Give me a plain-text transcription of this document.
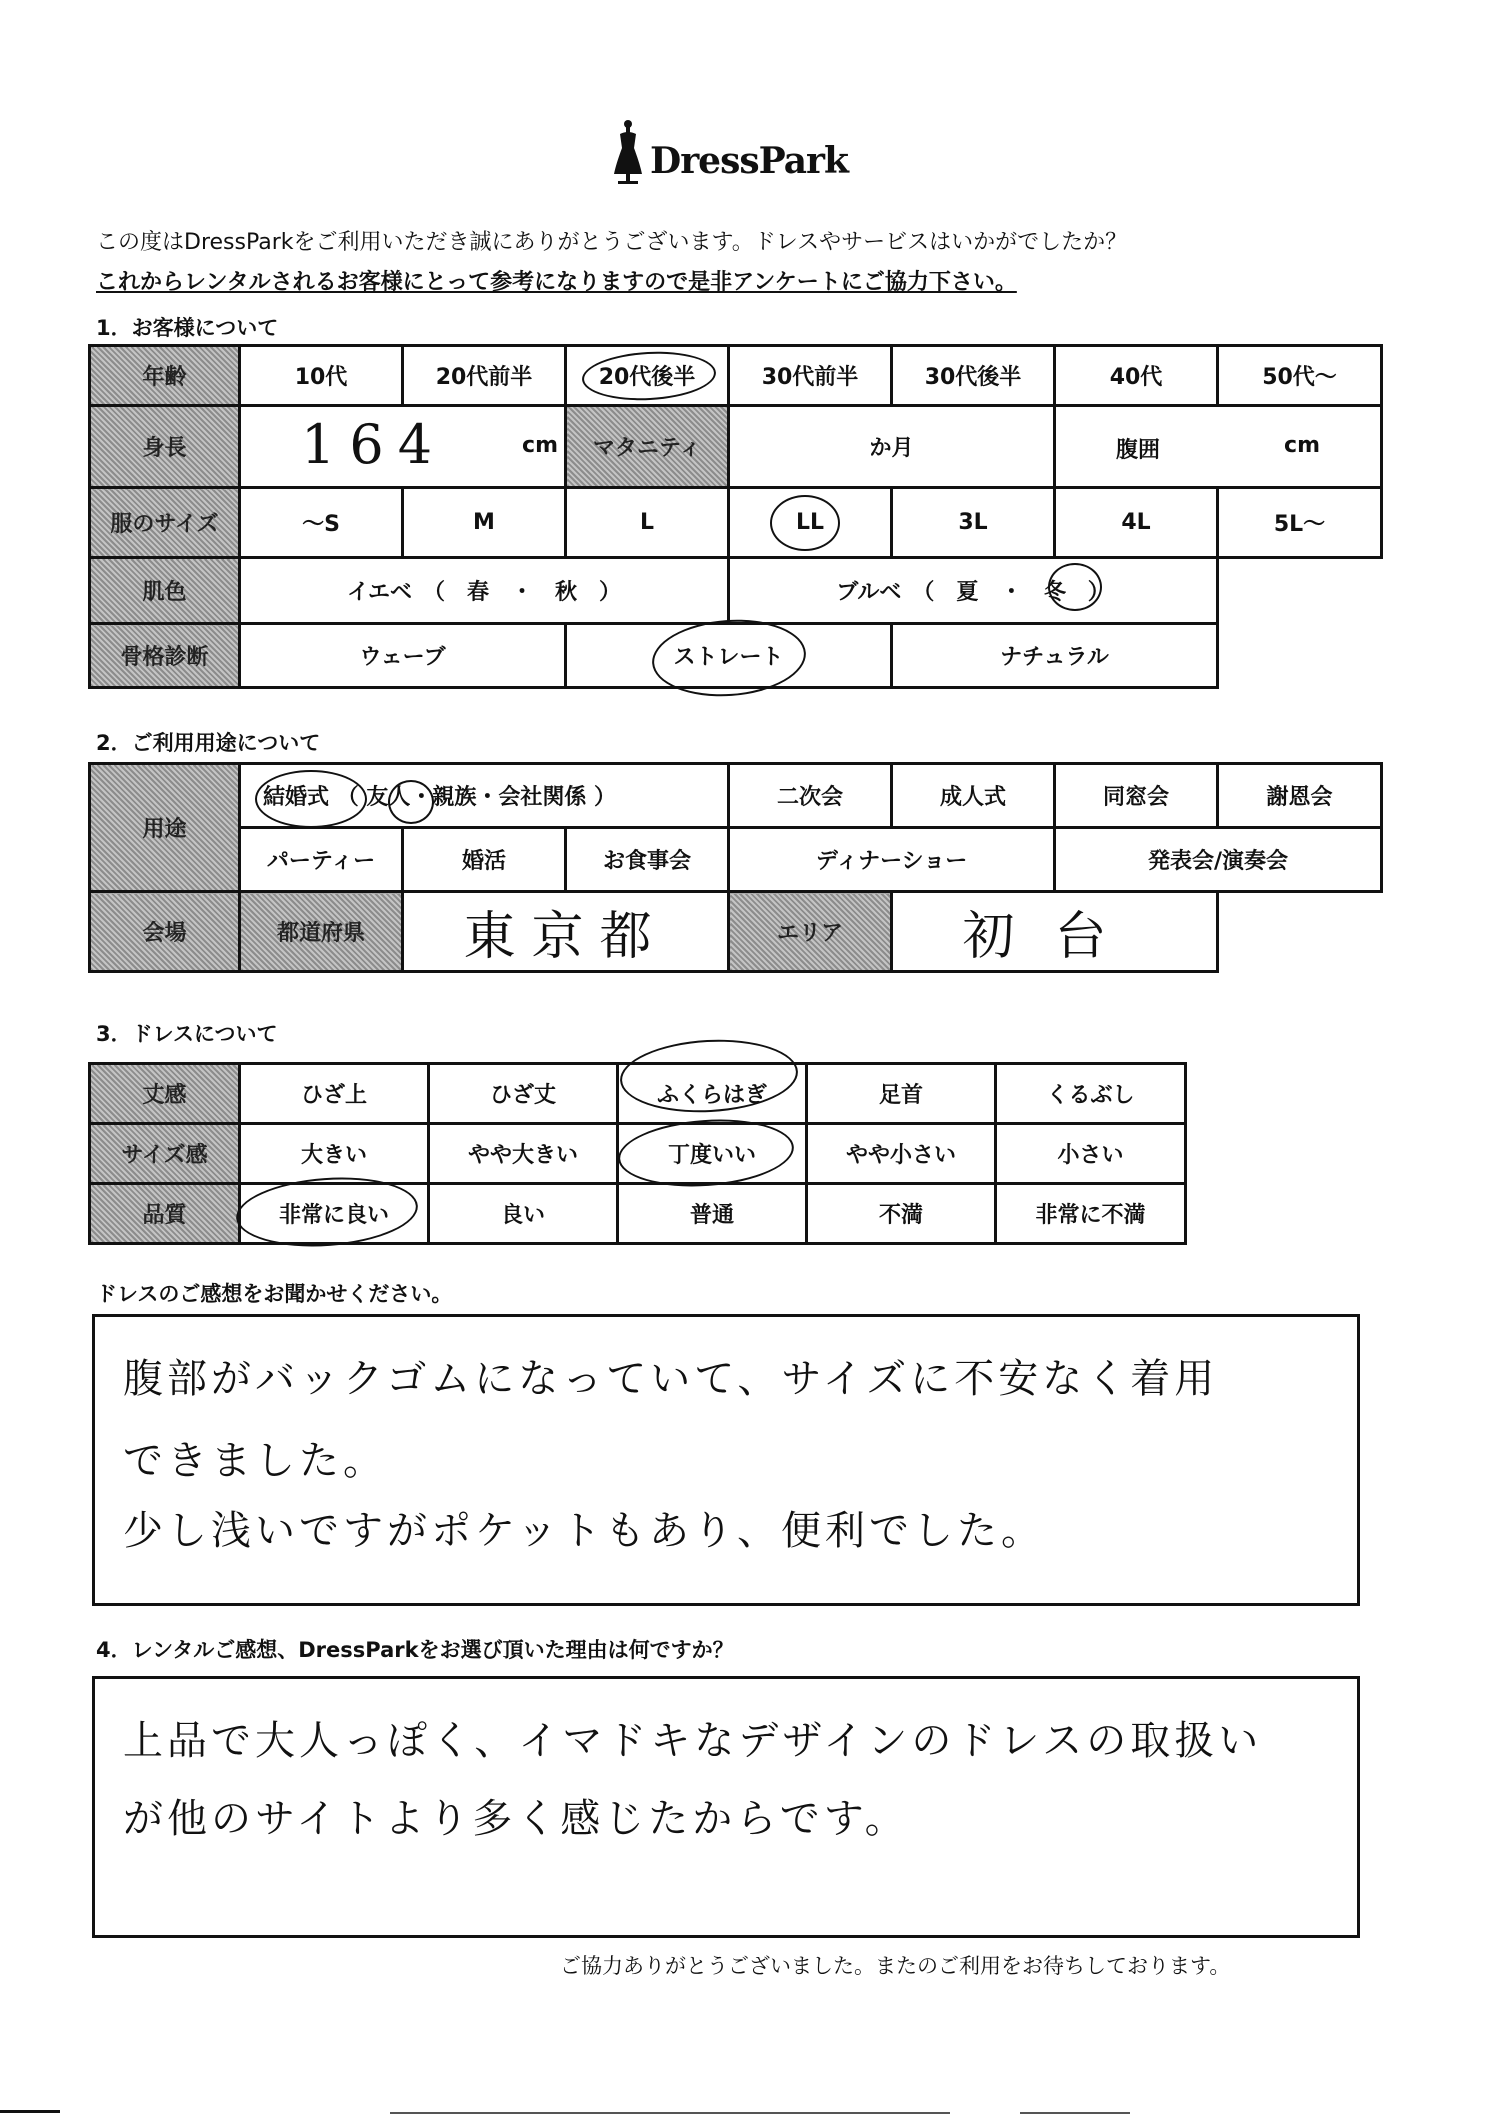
DressPark
この度はDressParkをご利用いただき誠にありがとうございます。ドレスやサービスはいかがでしたか？
これからレンタルされるお客様にとって参考になりますので是非アンケートにご協力下さい。
1．お客様について
年齢	10代	20代前半	20代後半	30代前半	30代後半	40代	50代〜
身長	164 cm		マタニティ	か月		腹囲 cm	

服のサイズ	〜S	M	L	LL	3L	4L	5L〜
肌色	イエベ　（　春　・　秋　）			ブルベ　（　夏　・ 冬 ）			
骨格診断	ウェーブ		ストレート		ナチュラル		
2．ご利用用途について
用途	結婚式 （ 友人・親族・会社関係 ）			二次会	成人式	同窓会	謝恩会
	パーティー	婚活	お食事会	ディナーショー		発表会/演奏会	
会場	都道府県	東京都		エリア	初台		
3．ドレスについて
丈感	ひざ上	ひざ丈	ふくらはぎ	足首	くるぶし
サイズ感	大きい	やや大きい	丁度いい	やや小さい	小さい
品質	非常に良い	良い	普通	不満	非常に不満
ドレスのご感想をお聞かせください。
腹部がバックゴムになっていて、サイズに不安なく着用
できました。
少し浅いですがポケットもあり、便利でした。
4．レンタルご感想、DressParkをお選び頂いた理由は何ですか？
上品で大人っぽく、イマドキなデザインのドレスの取扱い
が他のサイトより多く感じたからです。
ご協力ありがとうございました。またのご利用をお待ちしております。
